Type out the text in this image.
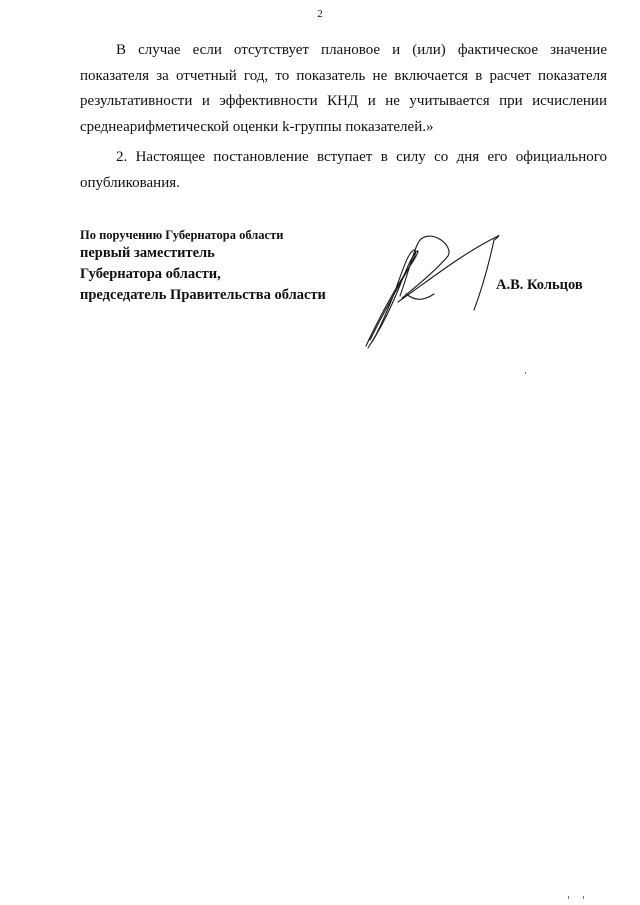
2

В случае если отсутствует плановое и (или) фактическое значение показателя за отчетный год, то показатель не включается в расчет показателя результативности и эффективности КНД и не учитывается при исчислении среднеарифметической оценки k-группы показателей.»

2. Настоящее постановление вступает в силу со дня его официального опубликования.

По поручению Губернатора области
первый заместитель
Губернатора области,
председатель Правительства области
А.В. Кольцов
